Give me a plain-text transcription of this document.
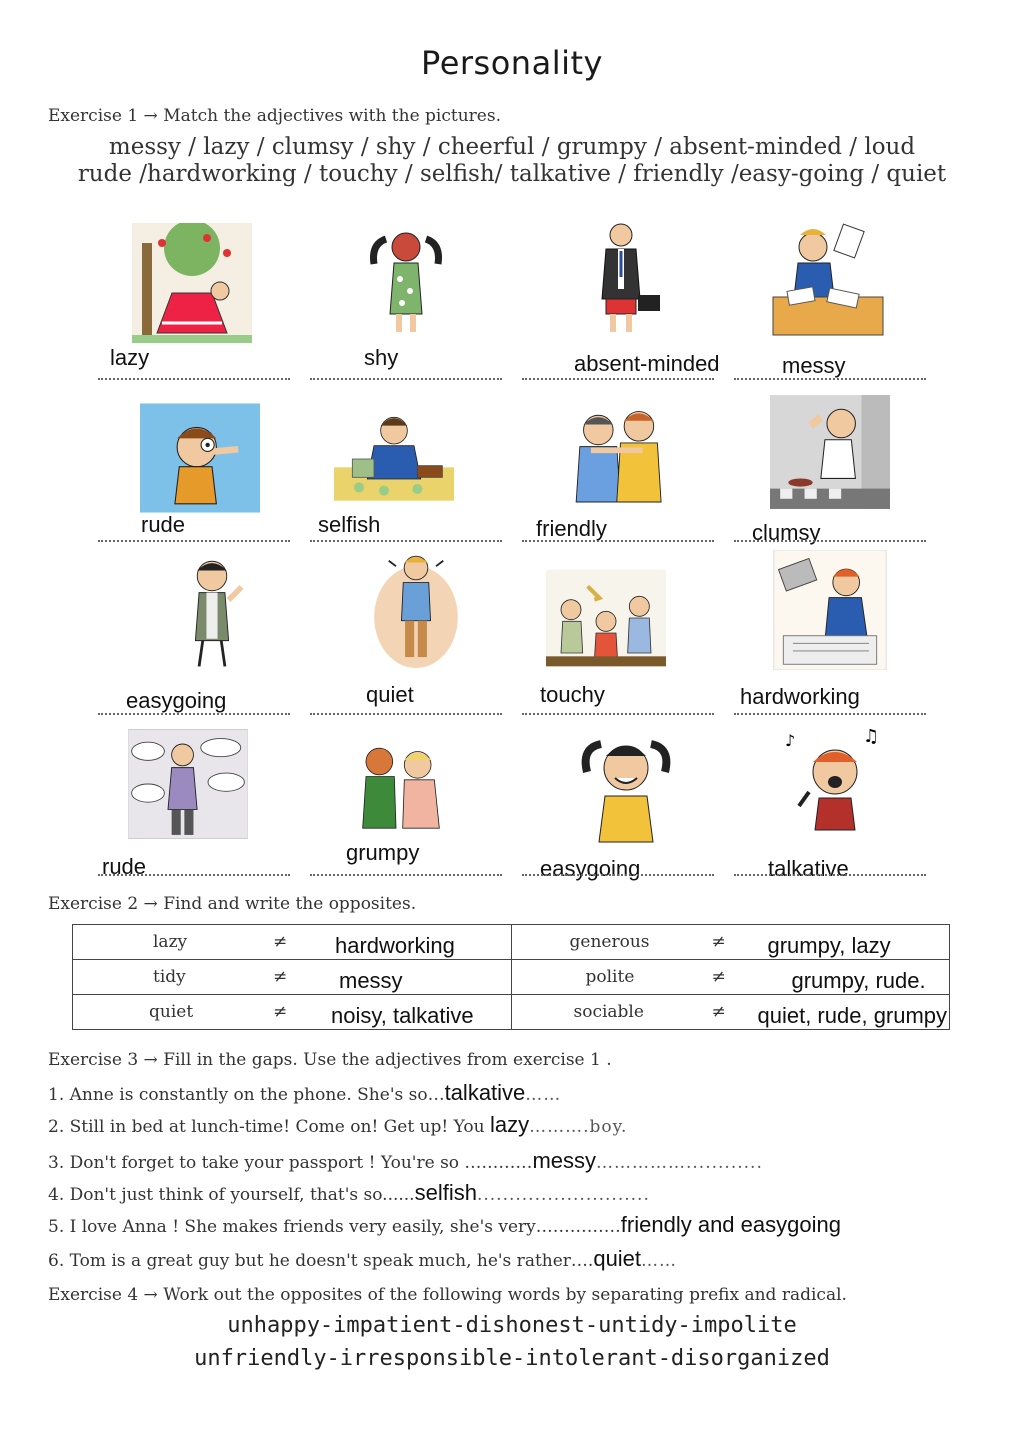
Personality
Exercise 1 → Match the adjectives with the pictures.
messy / lazy / clumsy / shy / cheerful / grumpy / absent-minded / loud
rude /hardworking / touchy / selfish/ talkative / friendly /easy-going / quiet
lazy	shy	absent-minded	messy
rude	selfish	friendly	clumsy
easygoing	quiet	touchy	hardworking
rude
grumpy
easygoing
♪	♫
talkative
Exercise 2 → Find and write the opposites.
lazy ≠ hardworking	generous ≠ grumpy, lazy

tidy ≠ messy	polite ≠ grumpy, rude.

quiet ≠ noisy, talkative	sociable ≠ quiet, rude, grumpy
Exercise 3 → Fill in the gaps. Use the adjectives from exercise 1 .
1. Anne is constantly on the phone. She's so…talkative……
2. Still in bed at lunch-time! Come on! Get up! You lazy……….boy.
3. Don't forget to take your passport ! You're so …………messy……………............
4. Don't just think of yourself, that's so......selfish...........................
5. I love Anna ! She makes friends very easily, she's very……………friendly and easygoing
6. Tom is a great guy but he doesn't speak much, he's rather….quiet……
Exercise 4 → Work out the opposites of the following words by separating prefix and radical.
unhappy-impatient-dishonest-untidy-impolite
unfriendly-irresponsible-intolerant-disorganized
